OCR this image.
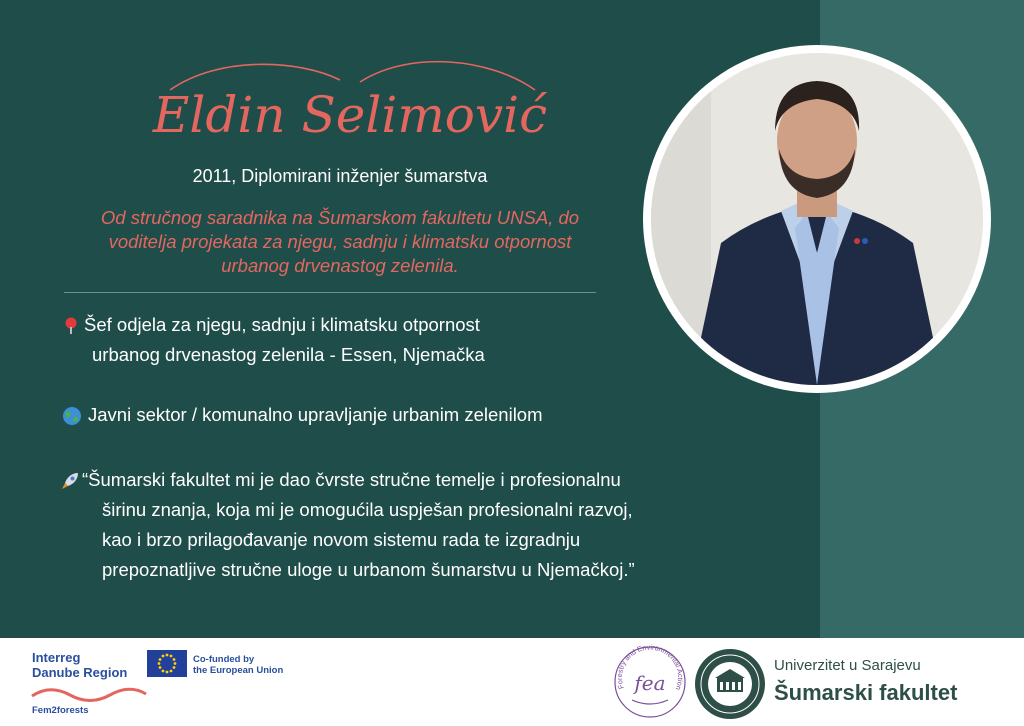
Eldin Selimović
2011, Diplomirani inženjer šumarstva
Od stručnog saradnika na Šumarskom fakultetu UNSA, do
voditelja projekata za njegu, sadnju i klimatsku otpornost
urbanog drvenastog zelenila.
Šef odjela za njegu, sadnju i klimatsku otpornost
urbanog drvenastog zelenila - Essen, Njemačka
Javni sektor / komunalno upravljanje urbanim zelenilom
“Šumarski fakultet mi je dao čvrste stručne temelje i profesionalnu
širinu znanja, koja mi je omogućila uspješan profesionalni razvoj,
kao i brzo prilagođavanje novom sistemu rada te izgradnju
prepoznatljive stručne uloge u urbanom šumarstvu u Njemačkoj.”
Interreg
Danube Region
Co-funded by
the European Union
Fem2forests
Forestry and Environmental Action
fea
Univerzitet u Sarajevu
Šumarski fakultet
